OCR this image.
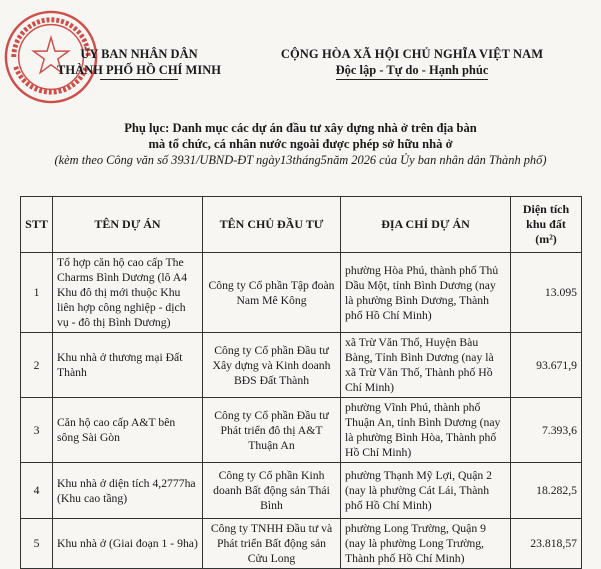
ỦY BAN NHÂN DÂN
THÀNH PHỐ HỒ CHÍ MINH
CỘNG HÒA XÃ HỘI CHỦ NGHĨA VIỆT NAM
Độc lập - Tự do - Hạnh phúc
Phụ lục: Danh mục các dự án đầu tư xây dựng nhà ở trên địa bàn
mà tổ chức, cá nhân nước ngoài được phép sở hữu nhà ở
(kèm theo Công văn số 3931/UBND-ĐT ngày13tháng5năm 2026 của Ủy ban nhân dân Thành phố)
STT	TÊN DỰ ÁN	TÊN CHỦ ĐẦU TƯ	ĐỊA CHỈ DỰ ÁN	Diện tích khu đất (m²)
1	Tổ hợp căn hộ cao cấp The Charms Bình Dương (lô A4 Khu đô thị mới thuộc Khu liên hợp công nghiệp - dịch vụ - đô thị Bình Dương)	Công ty Cổ phần Tập đoàn Nam Mê Kông	phường Hòa Phú, thành phố Thủ Dầu Một, tỉnh Bình Dương (nay là phường Bình Dương, Thành phố Hồ Chí Minh)	13.095
2	Khu nhà ở thương mại Đất Thành	Công ty Cổ phần Đầu tư Xây dựng và Kinh doanh BĐS Đất Thành	xã Trừ Văn Thố, Huyện Bàu Bàng, Tỉnh Bình Dương (nay là xã Trừ Văn Thố, Thành phố Hồ Chí Minh)	93.671,9
3	Căn hộ cao cấp A&T bên sông Sài Gòn	Công ty Cổ phần Đầu tư Phát triển đô thị A&T Thuận An	phường Vĩnh Phú, thành phố Thuận An, tỉnh Bình Dương (nay là phường Bình Hòa, Thành phố Hồ Chí Minh)	7.393,6
4	Khu nhà ở diện tích 4,2777ha (Khu cao tầng)	Công ty Cổ phần Kinh doanh Bất động sản Thái Bình	phường Thạnh Mỹ Lợi, Quận 2 (nay là phường Cát Lái, Thành phố Hồ Chí Minh)	18.282,5
5	Khu nhà ở (Giai đoạn 1 - 9ha)	Công ty TNHH Đầu tư và Phát triển Bất động sản Cửu Long	phường Long Trường, Quận 9 (nay là phường Long Trường, Thành phố Hồ Chí Minh)	23.818,57
